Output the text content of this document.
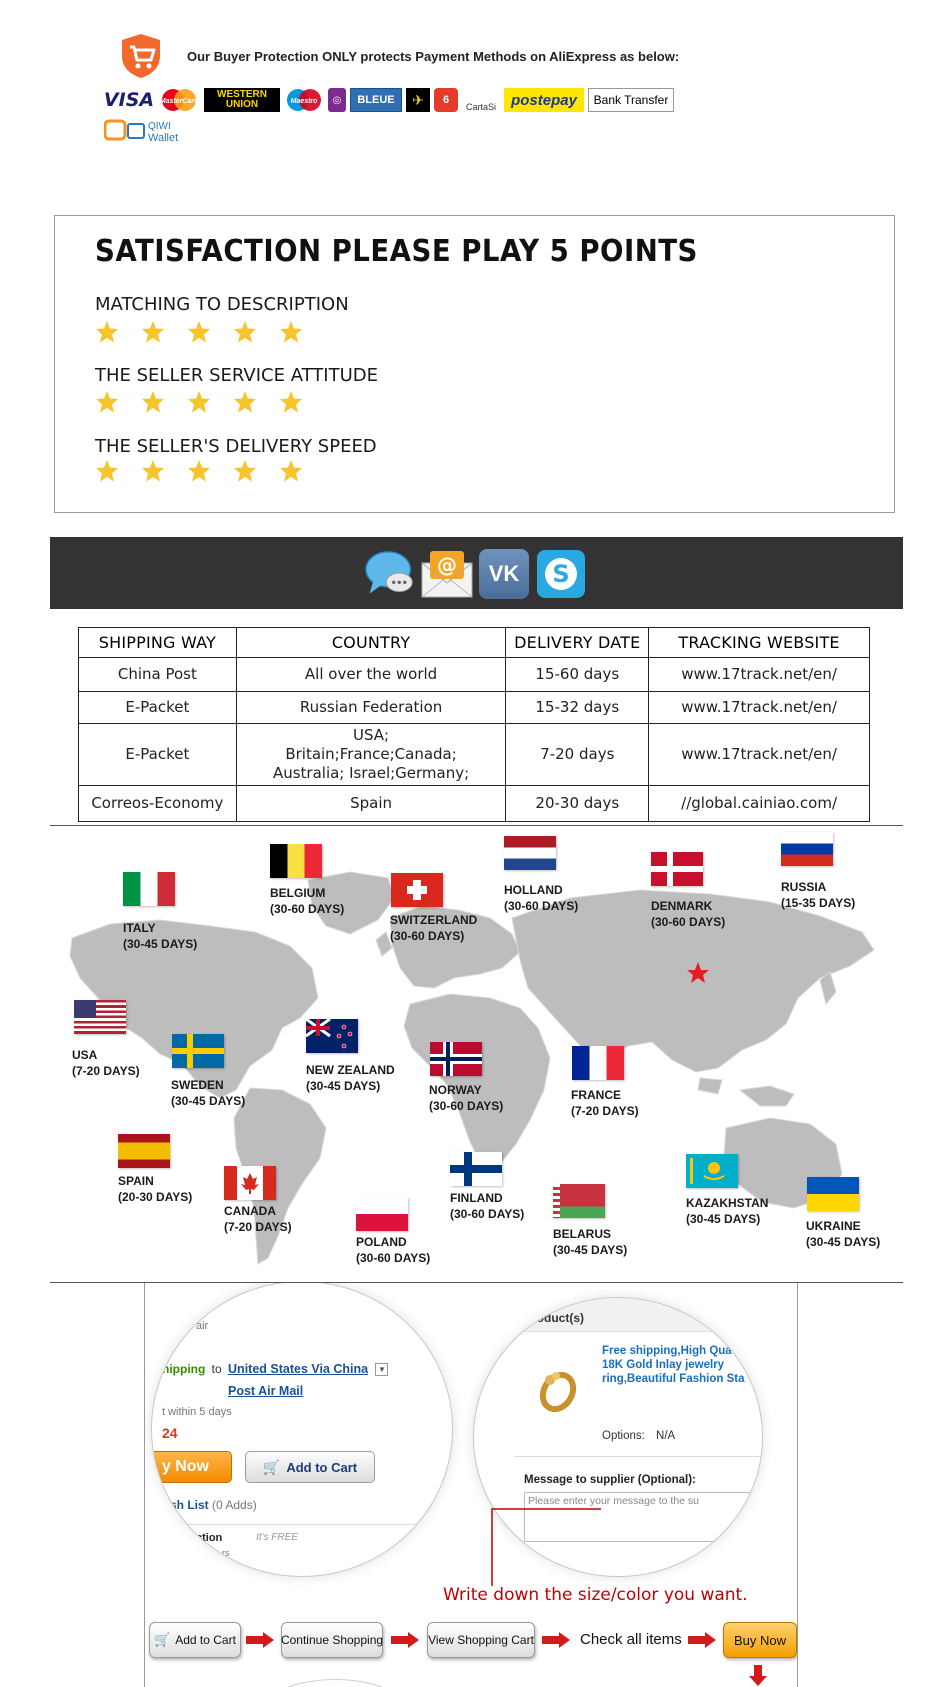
Our Buyer Protection ONLY protects Payment Methods on AliExpress as below:
VISA MasterCard
WESTERN UNION	Maestro	◎	BLEUE	✈	6
CartaSi	postepay	Bank Transfer
QIWI
Wallet
SATISFACTION PLEASE PLAY 5 POINTS
MATCHING TO DESCRIPTION
THE SELLER SERVICE ATTITUDE
THE SELLER'S DELIVERY SPEED
@	VK	S
SHIPPING WAY	COUNTRY	DELIVERY DATE	TRACKING WEBSITE
China Post	All over the world	15-60 days	www.17track.net/en/
E-Packet	Russian Federation	15-32 days	www.17track.net/en/
E-Packet	USA;
Britain;France;Canada;
Australia; Israel;Germany;	7-20 days	www.17track.net/en/
Correos-Economy	Spain	20-30 days	//global.cainiao.com/
ITALY
(30-45 DAYS)
BELGIUM
(30-60 DAYS)
SWITZERLAND
(30-60 DAYS)
HOLLAND
(30-60 DAYS)	DENMARK
(30-60 DAYS)
RUSSIA
(15-35 DAYS)
USA
(7-20 DAYS)
SWEDEN
(30-45 DAYS)
NEW ZEALAND
(30-45 DAYS)	NORWAY
(30-60 DAYS)
FRANCE
(7-20 DAYS)
SPAIN
(20-30 DAYS)
CANADA
(7-20 DAYS)
FINLAND
(30-60 DAYS)
POLAND
(30-60 DAYS)
BELARUS
(30-45 DAYS)
KAZAKHSTAN
(30-45 DAYS)	UKRAINE
(30-45 DAYS)
air
hipping to United States Via China ▼
Post Air Mail
t within 5 days
24
y Now	🛒 Add to Cart
sh List (0 Adds)
ction	It's FREE
rs
Product(s)
Free shipping,High Qua
18K Gold Inlay jewelry
ring,Beautiful Fashion Sta
Options: N/A
Message to supplier (Optional):
Please enter your message to the su
Write down the size/color you want.
🛒 Add to Cart	Continue Shopping	View Shopping Cart	Check all items	Buy Now
